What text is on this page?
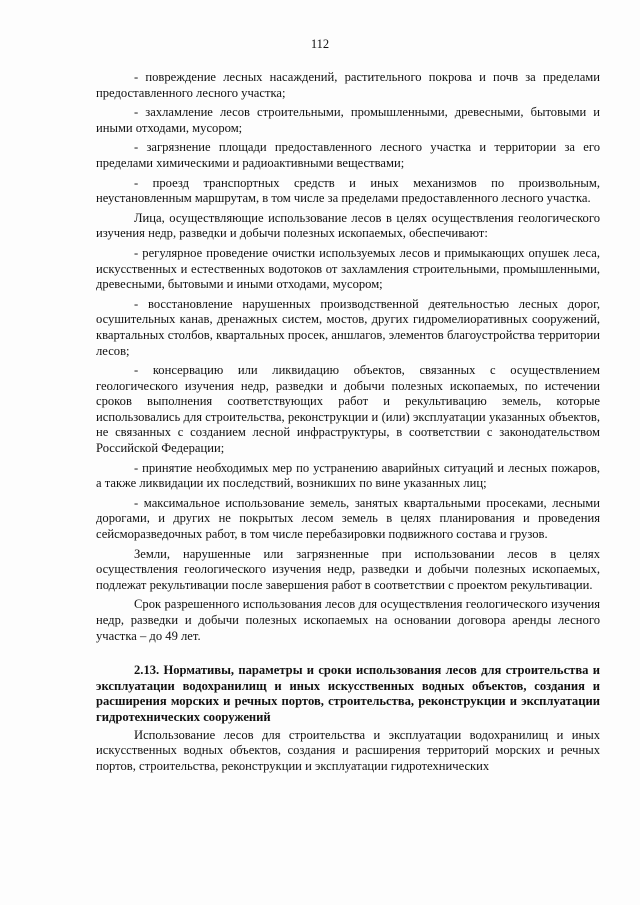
112

- повреждение лесных насаждений, растительного покрова и почв за пределами предоставленного лесного участка;

- захламление лесов строительными, промышленными, древесными, бытовыми и иными отходами, мусором;

- загрязнение площади предоставленного лесного участка и территории за его пределами химическими и радиоактивными веществами;

- проезд транспортных средств и иных механизмов по произвольным, неустановленным маршрутам, в том числе за пределами предоставленного лесного участка.

Лица, осуществляющие использование лесов в целях осуществления геологического изучения недр, разведки и добычи полезных ископаемых, обеспечивают:

- регулярное проведение очистки используемых лесов и примыкающих опушек леса, искусственных и естественных водотоков от захламления строительными, промышленными, древесными, бытовыми и иными отходами, мусором;

- восстановление нарушенных производственной деятельностью лесных дорог, осушительных канав, дренажных систем, мостов, других гидромелиоративных сооружений, квартальных столбов, квартальных просек, аншлагов, элементов благоустройства территории лесов;

- консервацию или ликвидацию объектов, связанных с осуществлением геологического изучения недр, разведки и добычи полезных ископаемых, по истечении сроков выполнения соответствующих работ и рекультивацию земель, которые использовались для строительства, реконструкции и (или) эксплуатации указанных объектов, не связанных с созданием лесной инфраструктуры, в соответствии с законодательством Российской Федерации;

- принятие необходимых мер по устранению аварийных ситуаций и лесных пожаров, а также ликвидации их последствий, возникших по вине указанных лиц;

- максимальное использование земель, занятых квартальными просеками, лесными дорогами, и других не покрытых лесом земель в целях планирования и проведения сейсморазведочных работ, в том числе перебазировки подвижного состава и грузов.

Земли, нарушенные или загрязненные при использовании лесов в целях осуществления геологического изучения недр, разведки и добычи полезных ископаемых, подлежат рекультивации после завершения работ в соответствии с проектом рекультивации.

Срок разрешенного использования лесов для осуществления геологического изучения недр, разведки и добычи полезных ископаемых на основании договора аренды лесного участка – до 49 лет.

2.13. Нормативы, параметры и сроки использования лесов для строительства и эксплуатации водохранилищ и иных искусственных водных объектов, создания и расширения морских и речных портов, строительства, реконструкции и эксплуатации гидротехнических сооружений

Использование лесов для строительства и эксплуатации водохранилищ и иных искусственных водных объектов, создания и расширения территорий морских и речных портов, строительства, реконструкции и эксплуатации гидротехнических
